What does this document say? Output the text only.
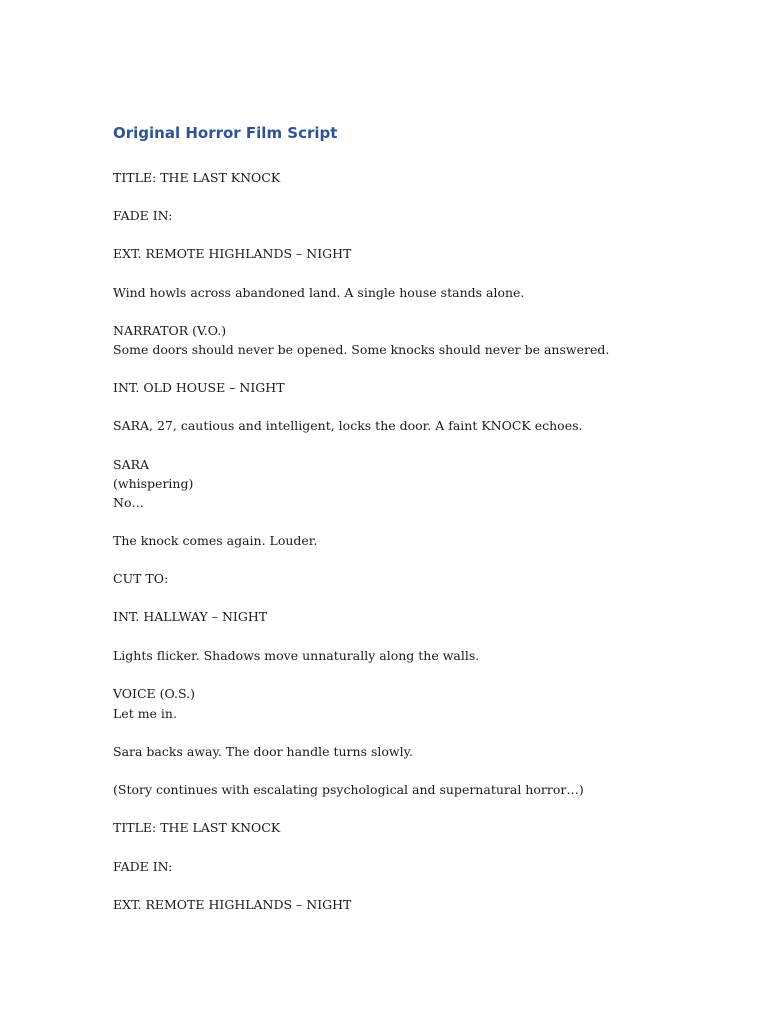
Original Horror Film Script

TITLE: THE LAST KNOCK

FADE IN:

EXT. REMOTE HIGHLANDS – NIGHT

Wind howls across abandoned land. A single house stands alone.

NARRATOR (V.O.)

Some doors should never be opened. Some knocks should never be answered.

INT. OLD HOUSE – NIGHT

SARA, 27, cautious and intelligent, locks the door. A faint KNOCK echoes.

SARA

(whispering)

No…

The knock comes again. Louder.

CUT TO:

INT. HALLWAY – NIGHT

Lights flicker. Shadows move unnaturally along the walls.

VOICE (O.S.)

Let me in.

Sara backs away. The door handle turns slowly.

(Story continues with escalating psychological and supernatural horror…)

TITLE: THE LAST KNOCK

FADE IN:

EXT. REMOTE HIGHLANDS – NIGHT
